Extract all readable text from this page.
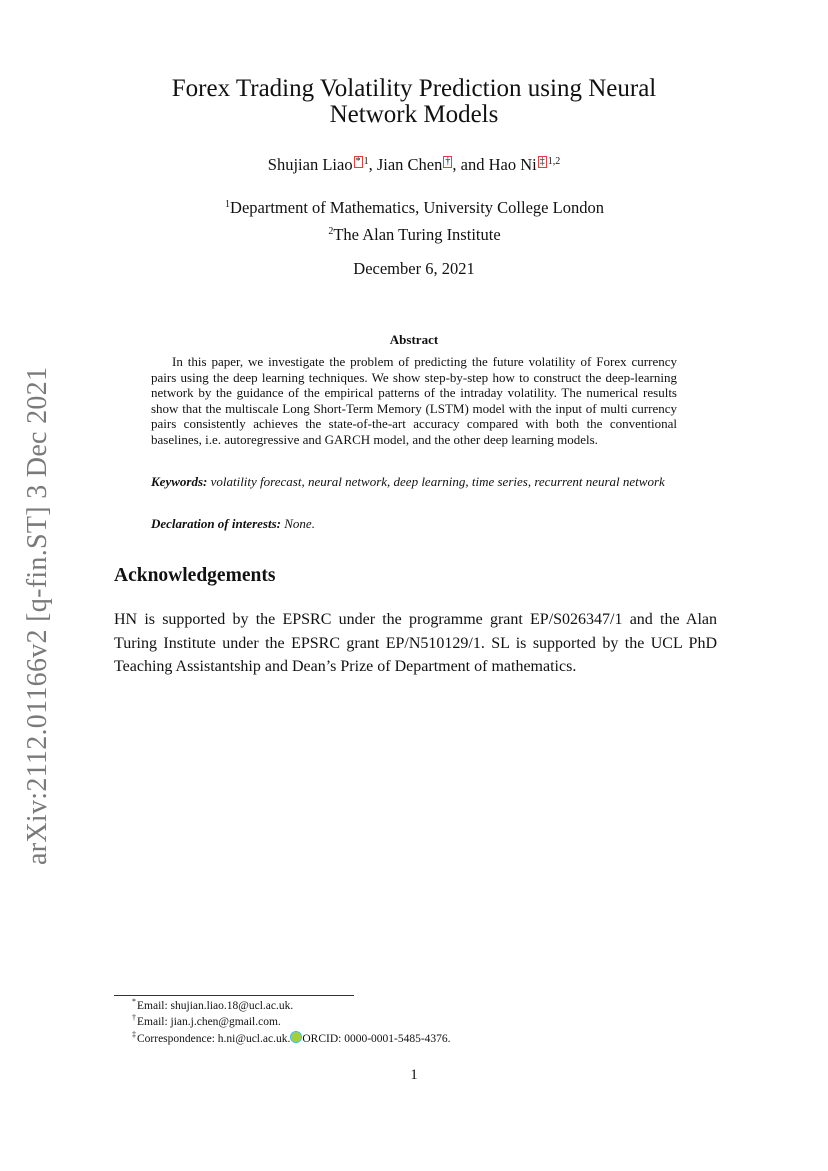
arXiv:2112.01166v2 [q-fin.ST] 3 Dec 2021
Forex Trading Volatility Prediction using Neural
Network Models
Shujian Liao * $^1$, Jian Chen † , and Hao Ni ‡ $^{1,2}$
$^1$Department of Mathematics, University College London
$^2$The Alan Turing Institute
December 6, 2021
Abstract

In this paper, we investigate the problem of predicting the future volatility of Forex currency pairs using the deep learning techniques. We show step-by-step how to construct the deep-learning network by the guidance of the empirical patterns of the intraday volatility. The numerical results show that the multiscale Long Short-Term Memory (LSTM) model with the input of multi currency pairs consistently achieves the state-of-the-art accuracy compared with both the conventional baselines, i.e. autoregressive and GARCH model, and the other deep learning models.

Keywords: volatility forecast, neural network, deep learning, time series, recurrent neural network

Declaration of interests: None.

Acknowledgements

HN is supported by the EPSRC under the programme grant EP/S026347/1 and the Alan Turing Institute under the EPSRC grant EP/N510129/1. SL is supported by the UCL PhD Teaching Assistantship and Dean’s Prize of Department of mathematics.

*Email: shujian.liao.18@ucl.ac.uk.
†Email: jian.j.chen@gmail.com.
‡Correspondence: h.ni@ucl.ac.uk. ORCID: 0000-0001-5485-4376.
1
